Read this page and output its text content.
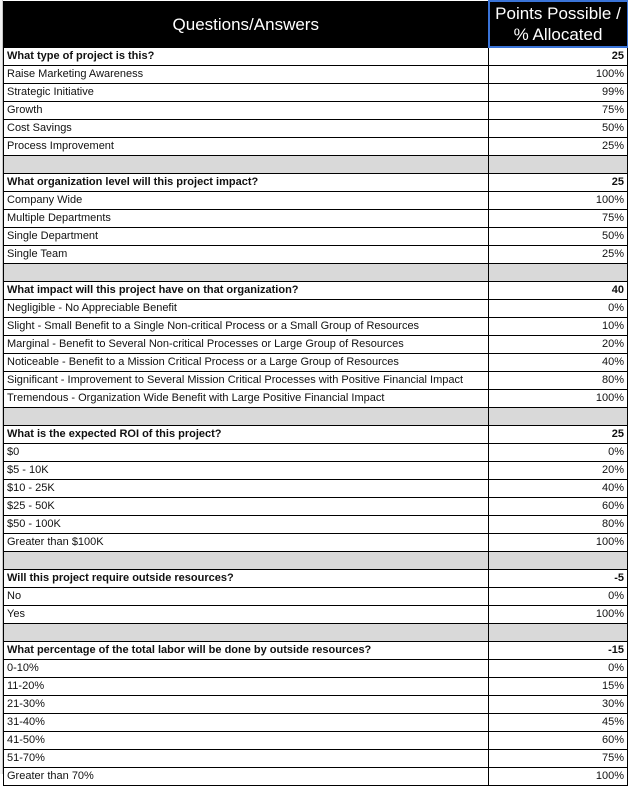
Questions/Answers	Points Possible /
% Allocated
What type of project is this?	25
Raise Marketing Awareness	100%
Strategic Initiative	99%
Growth	75%
Cost Savings	50%
Process Improvement	25%

What organization level will this project impact?	25
Company Wide	100%
Multiple Departments	75%
Single Department	50%
Single Team	25%

What impact will this project have on that organization?	40
Negligible - No Appreciable Benefit	0%
Slight - Small Benefit to a Single Non-critical Process or a Small Group of Resources	10%
Marginal - Benefit to Several Non-critical Processes or Large Group of Resources	20%
Noticeable - Benefit to a Mission Critical Process or a Large Group of Resources	40%
Significant - Improvement to Several Mission Critical Processes with Positive Financial Impact	80%
Tremendous - Organization Wide Benefit with Large Positive Financial Impact	100%

What is the expected ROI of this project?	25
$0	0%
$5 - 10K	20%
$10 - 25K	40%
$25 - 50K	60%
$50 - 100K	80%
Greater than $100K	100%

Will this project require outside resources?	-5
No	0%
Yes	100%

What percentage of the total labor will be done by outside resources?	-15
0-10%	0%
11-20%	15%
21-30%	30%
31-40%	45%
41-50%	60%
51-70%	75%
Greater than 70%	100%
